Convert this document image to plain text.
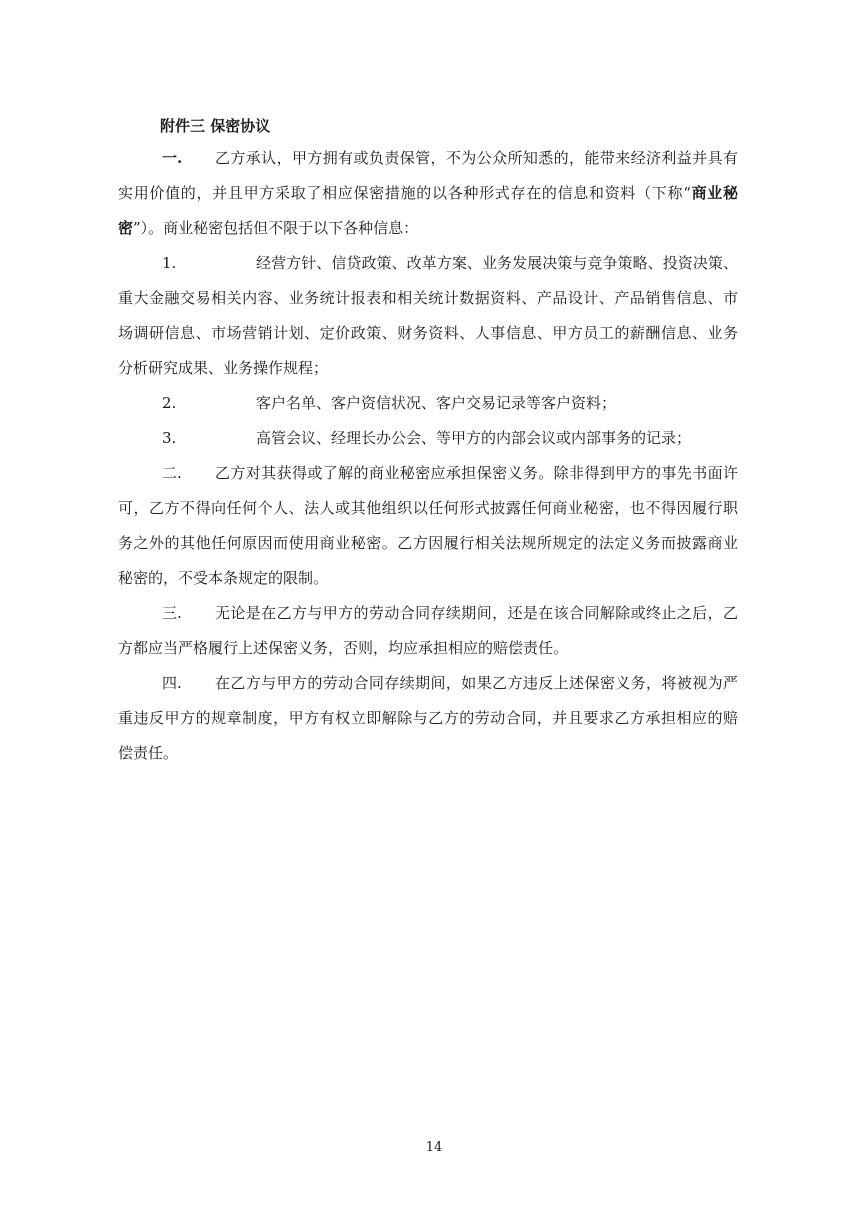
附件三 保密协议

一. 乙方承认，甲方拥有或负责保管，不为公众所知悉的，能带来经济利益并具有

实用价值的，并且甲方采取了相应保密措施的以各种形式存在的信息和资料（下称“商业秘

密”）。商业秘密包括但不限于以下各种信息：

1.	经营方针、信贷政策、改革方案、业务发展决策与竞争策略、投资决策、

重大金融交易相关内容、业务统计报表和相关统计数据资料、产品设计、产品销售信息、市

场调研信息、市场营销计划、定价政策、财务资料、人事信息、甲方员工的薪酬信息、业务

分析研究成果、业务操作规程；

2.	客户名单、客户资信状况、客户交易记录等客户资料；

3.	高管会议、经理长办公会、等甲方的内部会议或内部事务的记录；

二. 乙方对其获得或了解的商业秘密应承担保密义务。除非得到甲方的事先书面许

可，乙方不得向任何个人、法人或其他组织以任何形式披露任何商业秘密，也不得因履行职

务之外的其他任何原因而使用商业秘密。乙方因履行相关法规所规定的法定义务而披露商业

秘密的，不受本条规定的限制。

三. 无论是在乙方与甲方的劳动合同存续期间，还是在该合同解除或终止之后，乙

方都应当严格履行上述保密义务，否则，均应承担相应的赔偿责任。

四. 在乙方与甲方的劳动合同存续期间，如果乙方违反上述保密义务，将被视为严

重违反甲方的规章制度，甲方有权立即解除与乙方的劳动合同，并且要求乙方承担相应的赔

偿责任。

14
